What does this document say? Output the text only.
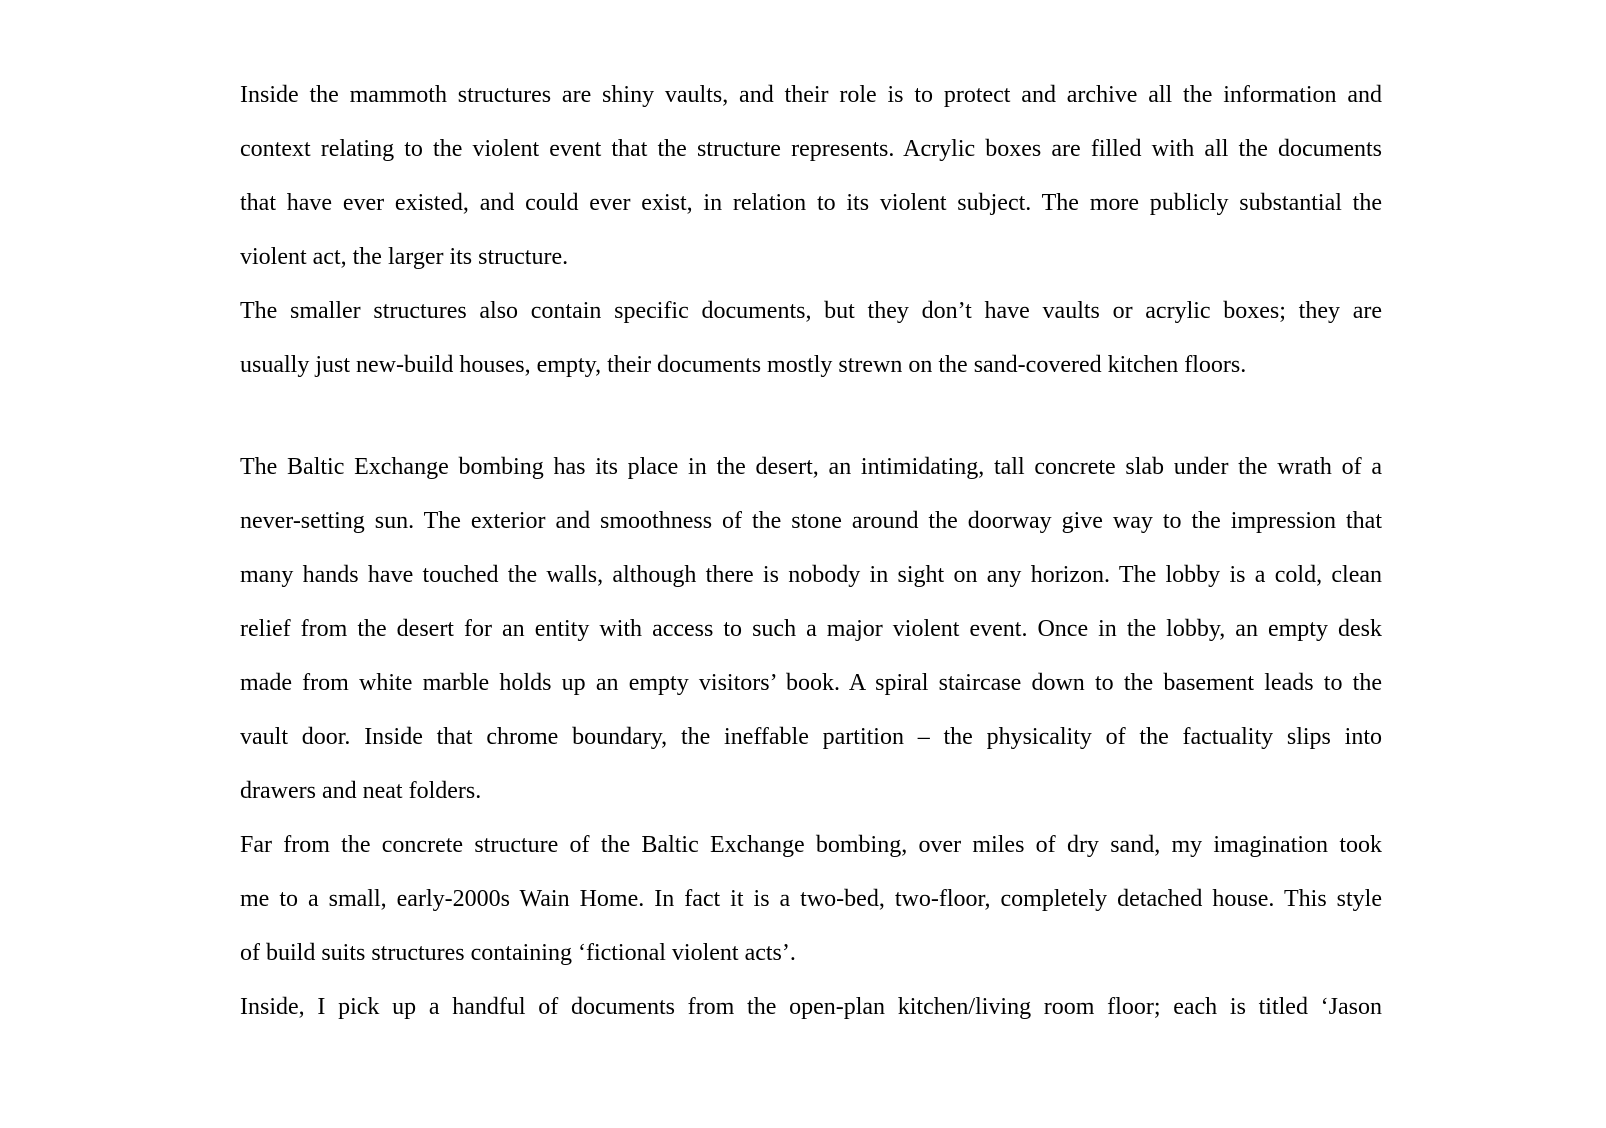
Inside the mammoth structures are shiny vaults, and their role is to protect and archive all the information and
context relating to the violent event that the structure represents. Acrylic boxes are filled with all the documents
that have ever existed, and could ever exist, in relation to its violent subject. The more publicly substantial the
violent act, the larger its structure.
The smaller structures also contain specific documents, but they don’t have vaults or acrylic boxes; they are
usually just new-build houses, empty, their documents mostly strewn on the sand-covered kitchen floors.
The Baltic Exchange bombing has its place in the desert, an intimidating, tall concrete slab under the wrath of a
never-setting sun. The exterior and smoothness of the stone around the doorway give way to the impression that
many hands have touched the walls, although there is nobody in sight on any horizon. The lobby is a cold, clean
relief from the desert for an entity with access to such a major violent event. Once in the lobby, an empty desk
made from white marble holds up an empty visitors’ book. A spiral staircase down to the basement leads to the
vault door. Inside that chrome boundary, the ineffable partition – the physicality of the factuality slips into
drawers and neat folders.
Far from the concrete structure of the Baltic Exchange bombing, over miles of dry sand, my imagination took
me to a small, early-2000s Wain Home. In fact it is a two-bed, two-floor, completely detached house. This style
of build suits structures containing ‘fictional violent acts’.
Inside, I pick up a handful of documents from the open-plan kitchen/living room floor; each is titled ‘Jason
